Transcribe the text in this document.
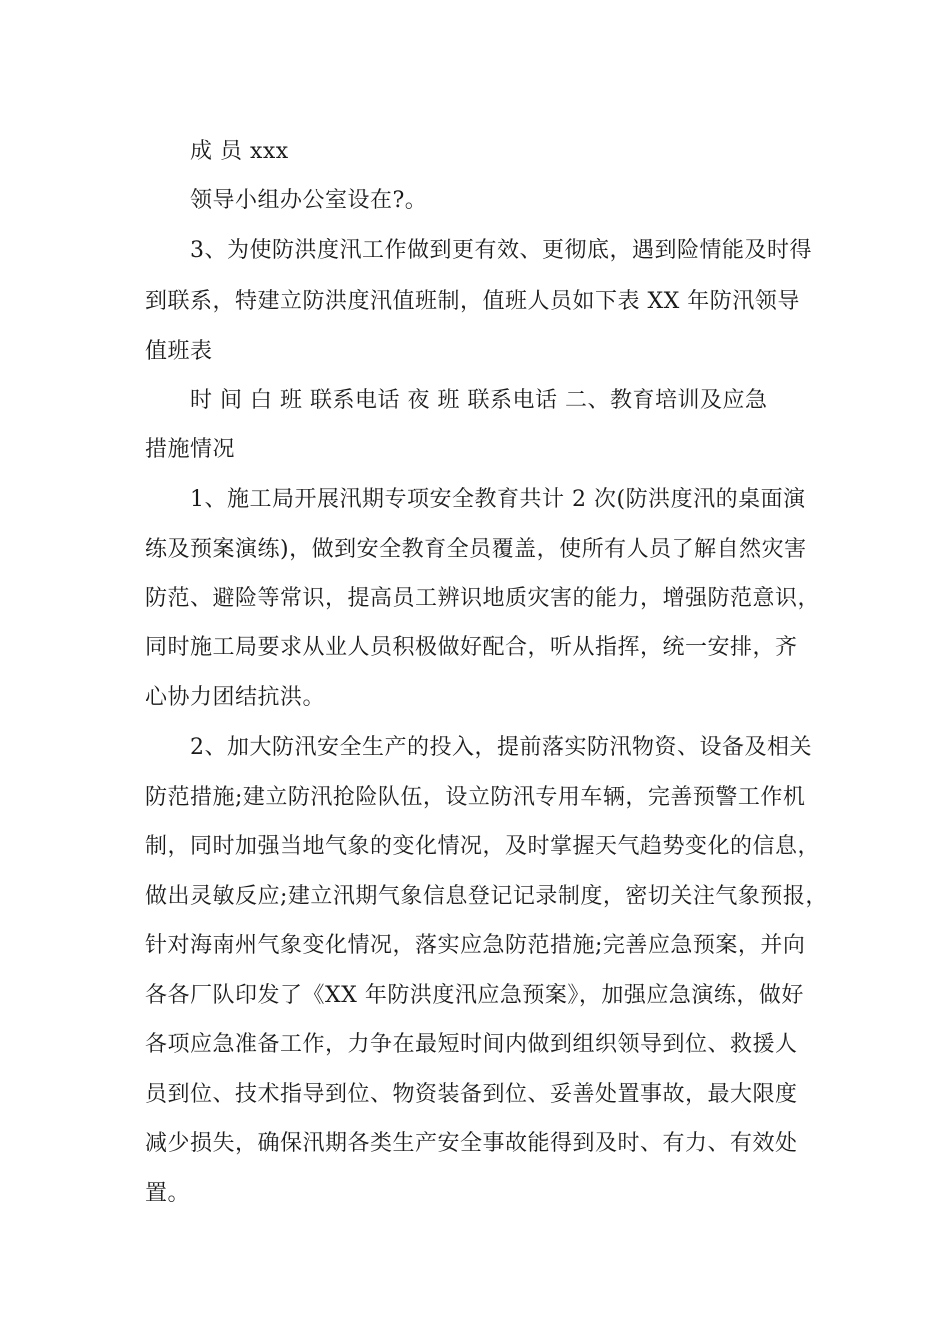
成 员 xxx
领导小组办公室设在?。
3、为使防洪度汛工作做到更有效、更彻底，遇到险情能及时得
到联系，特建立防洪度汛值班制，值班人员如下表 XX 年防汛领导
值班表
时 间 白 班 联系电话 夜 班 联系电话 二、教育培训及应急
措施情况
1、施工局开展汛期专项安全教育共计 2 次(防洪度汛的桌面演
练及预案演练)，做到安全教育全员覆盖，使所有人员了解自然灾害
防范、避险等常识，提高员工辨识地质灾害的能力，增强防范意识，
同时施工局要求从业人员积极做好配合，听从指挥，统一安排，齐
心协力团结抗洪。
2、加大防汛安全生产的投入，提前落实防汛物资、设备及相关
防范措施;建立防汛抢险队伍，设立防汛专用车辆，完善预警工作机
制，同时加强当地气象的变化情况，及时掌握天气趋势变化的信息，
做出灵敏反应;建立汛期气象信息登记记录制度，密切关注气象预报，
针对海南州气象变化情况，落实应急防范措施;完善应急预案，并向
各各厂队印发了《XX 年防洪度汛应急预案》，加强应急演练，做好
各项应急准备工作，力争在最短时间内做到组织领导到位、救援人
员到位、技术指导到位、物资装备到位、妥善处置事故，最大限度
减少损失，确保汛期各类生产安全事故能得到及时、有力、有效处
置。
